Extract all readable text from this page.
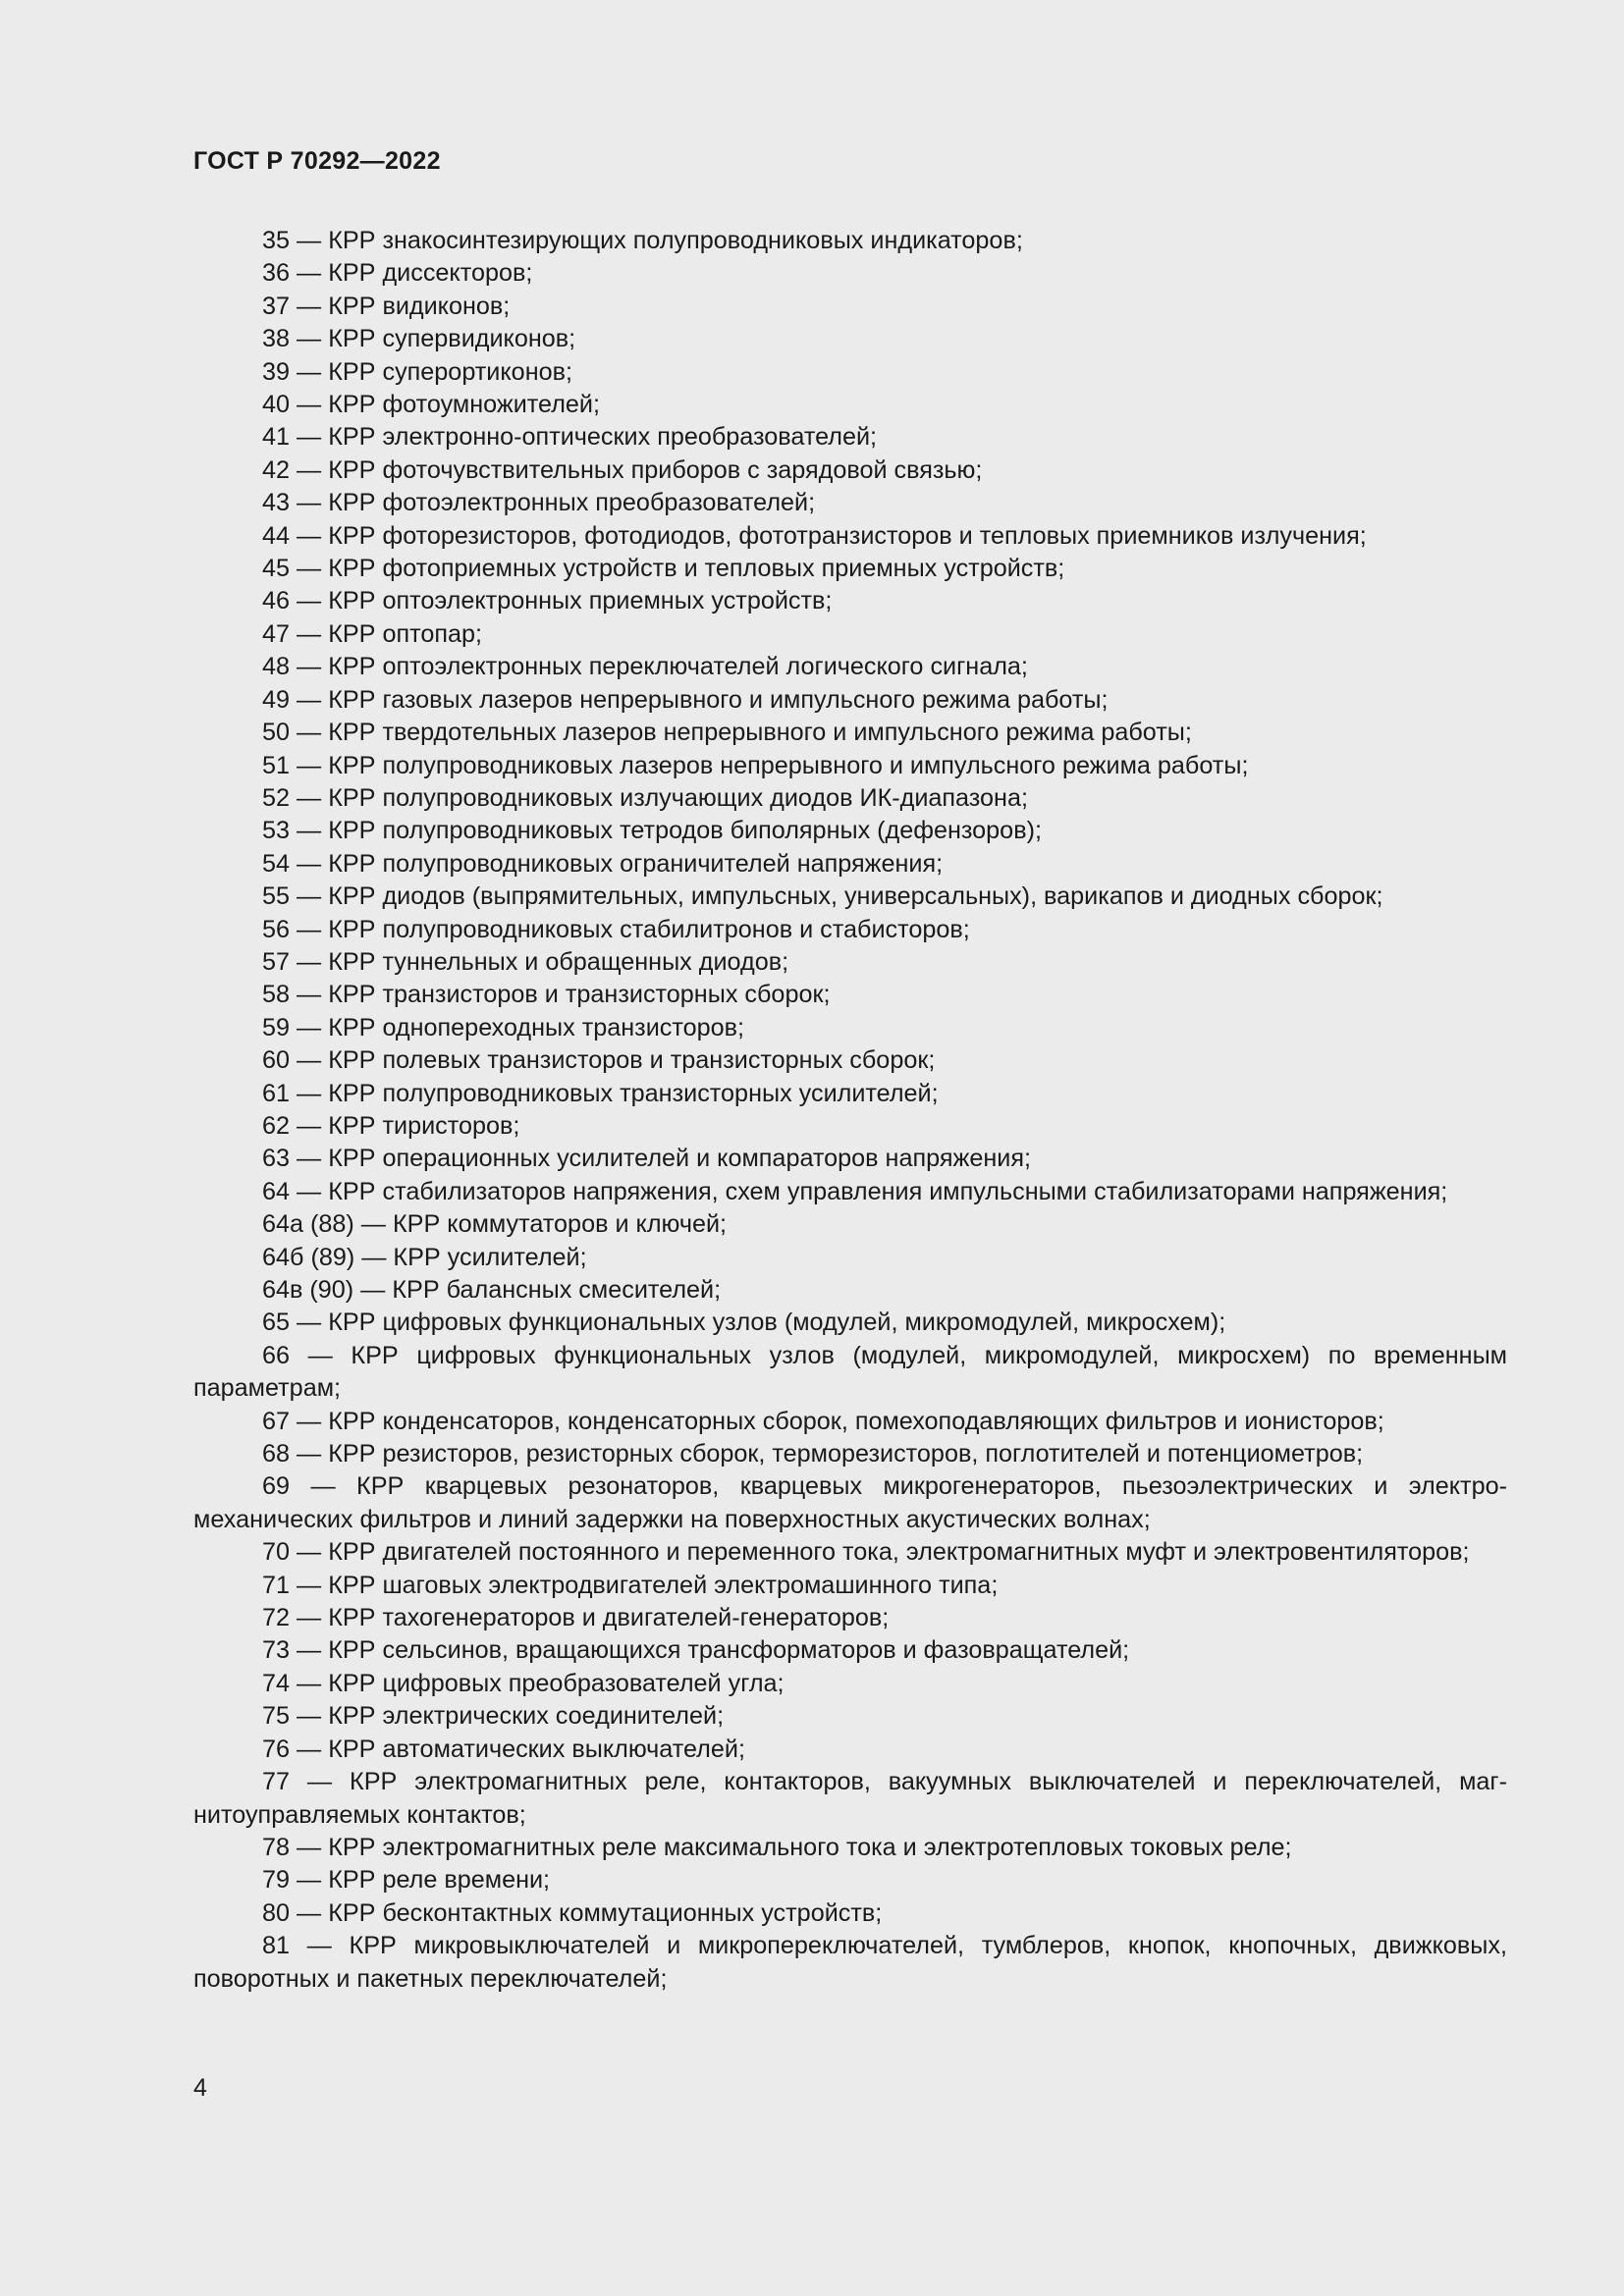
ГОСТ Р 70292—2022

35 — КРР знакосинтезирующих полупроводниковых индикаторов;

36 — КРР диссекторов;

37 — КРР видиконов;

38 — КРР супервидиконов;

39 — КРР суперортиконов;

40 — КРР фотоумножителей;

41 — КРР электронно-оптических преобразователей;

42 — КРР фоточувствительных приборов с зарядовой связью;

43 — КРР фотоэлектронных преобразователей;

44 — КРР фоторезисторов, фотодиодов, фототранзисторов и тепловых приемников излучения;

45 — КРР фотоприемных устройств и тепловых приемных устройств;

46 — КРР оптоэлектронных приемных устройств;

47 — КРР оптопар;

48 — КРР оптоэлектронных переключателей логического сигнала;

49 — КРР газовых лазеров непрерывного и импульсного режима работы;

50 — КРР твердотельных лазеров непрерывного и импульсного режима работы;

51 — КРР полупроводниковых лазеров непрерывного и импульсного режима работы;

52 — КРР полупроводниковых излучающих диодов ИК-диапазона;

53 — КРР полупроводниковых тетродов биполярных (дефензоров);

54 — КРР полупроводниковых ограничителей напряжения;

55 — КРР диодов (выпрямительных, импульсных, универсальных), варикапов и диодных сборок;

56 — КРР полупроводниковых стабилитронов и стабисторов;

57 — КРР туннельных и обращенных диодов;

58 — КРР транзисторов и транзисторных сборок;

59 — КРР однопереходных транзисторов;

60 — КРР полевых транзисторов и транзисторных сборок;

61 — КРР полупроводниковых транзисторных усилителей;

62 — КРР тиристоров;

63 — КРР операционных усилителей и компараторов напряжения;

64 — КРР стабилизаторов напряжения, схем управления импульсными стабилизаторами напряжения;

64а (88) — КРР коммутаторов и ключей;

64б (89) — КРР усилителей;

64в (90) — КРР балансных смесителей;

65 — КРР цифровых функциональных узлов (модулей, микромодулей, микросхем);

66 — КРР цифровых функциональных узлов (модулей, микромодулей, микросхем) по временным параметрам;

67 — КРР конденсаторов, конденсаторных сборок, помехоподавляющих фильтров и ионисторов;

68 — КРР резисторов, резисторных сборок, терморезисторов, поглотителей и потенциометров;

69 — КРР кварцевых резонаторов, кварцевых микрогенераторов, пьезоэлектрических и электромеханических фильтров и линий задержки на поверхностных акустических волнах;

70 — КРР двигателей постоянного и переменного тока, электромагнитных муфт и электровентиляторов;

71 — КРР шаговых электродвигателей электромашинного типа;

72 — КРР тахогенераторов и двигателей-генераторов;

73 — КРР сельсинов, вращающихся трансформаторов и фазовращателей;

74 — КРР цифровых преобразователей угла;

75 — КРР электрических соединителей;

76 — КРР автоматических выключателей;

77 — КРР электромагнитных реле, контакторов, вакуумных выключателей и переключателей, магнитоуправляемых контактов;

78 — КРР электромагнитных реле максимального тока и электротепловых токовых реле;

79 — КРР реле времени;

80 — КРР бесконтактных коммутационных устройств;

81 — КРР микровыключателей и микропереключателей, тумблеров, кнопок, кнопочных, движковых, поворотных и пакетных переключателей;

4
